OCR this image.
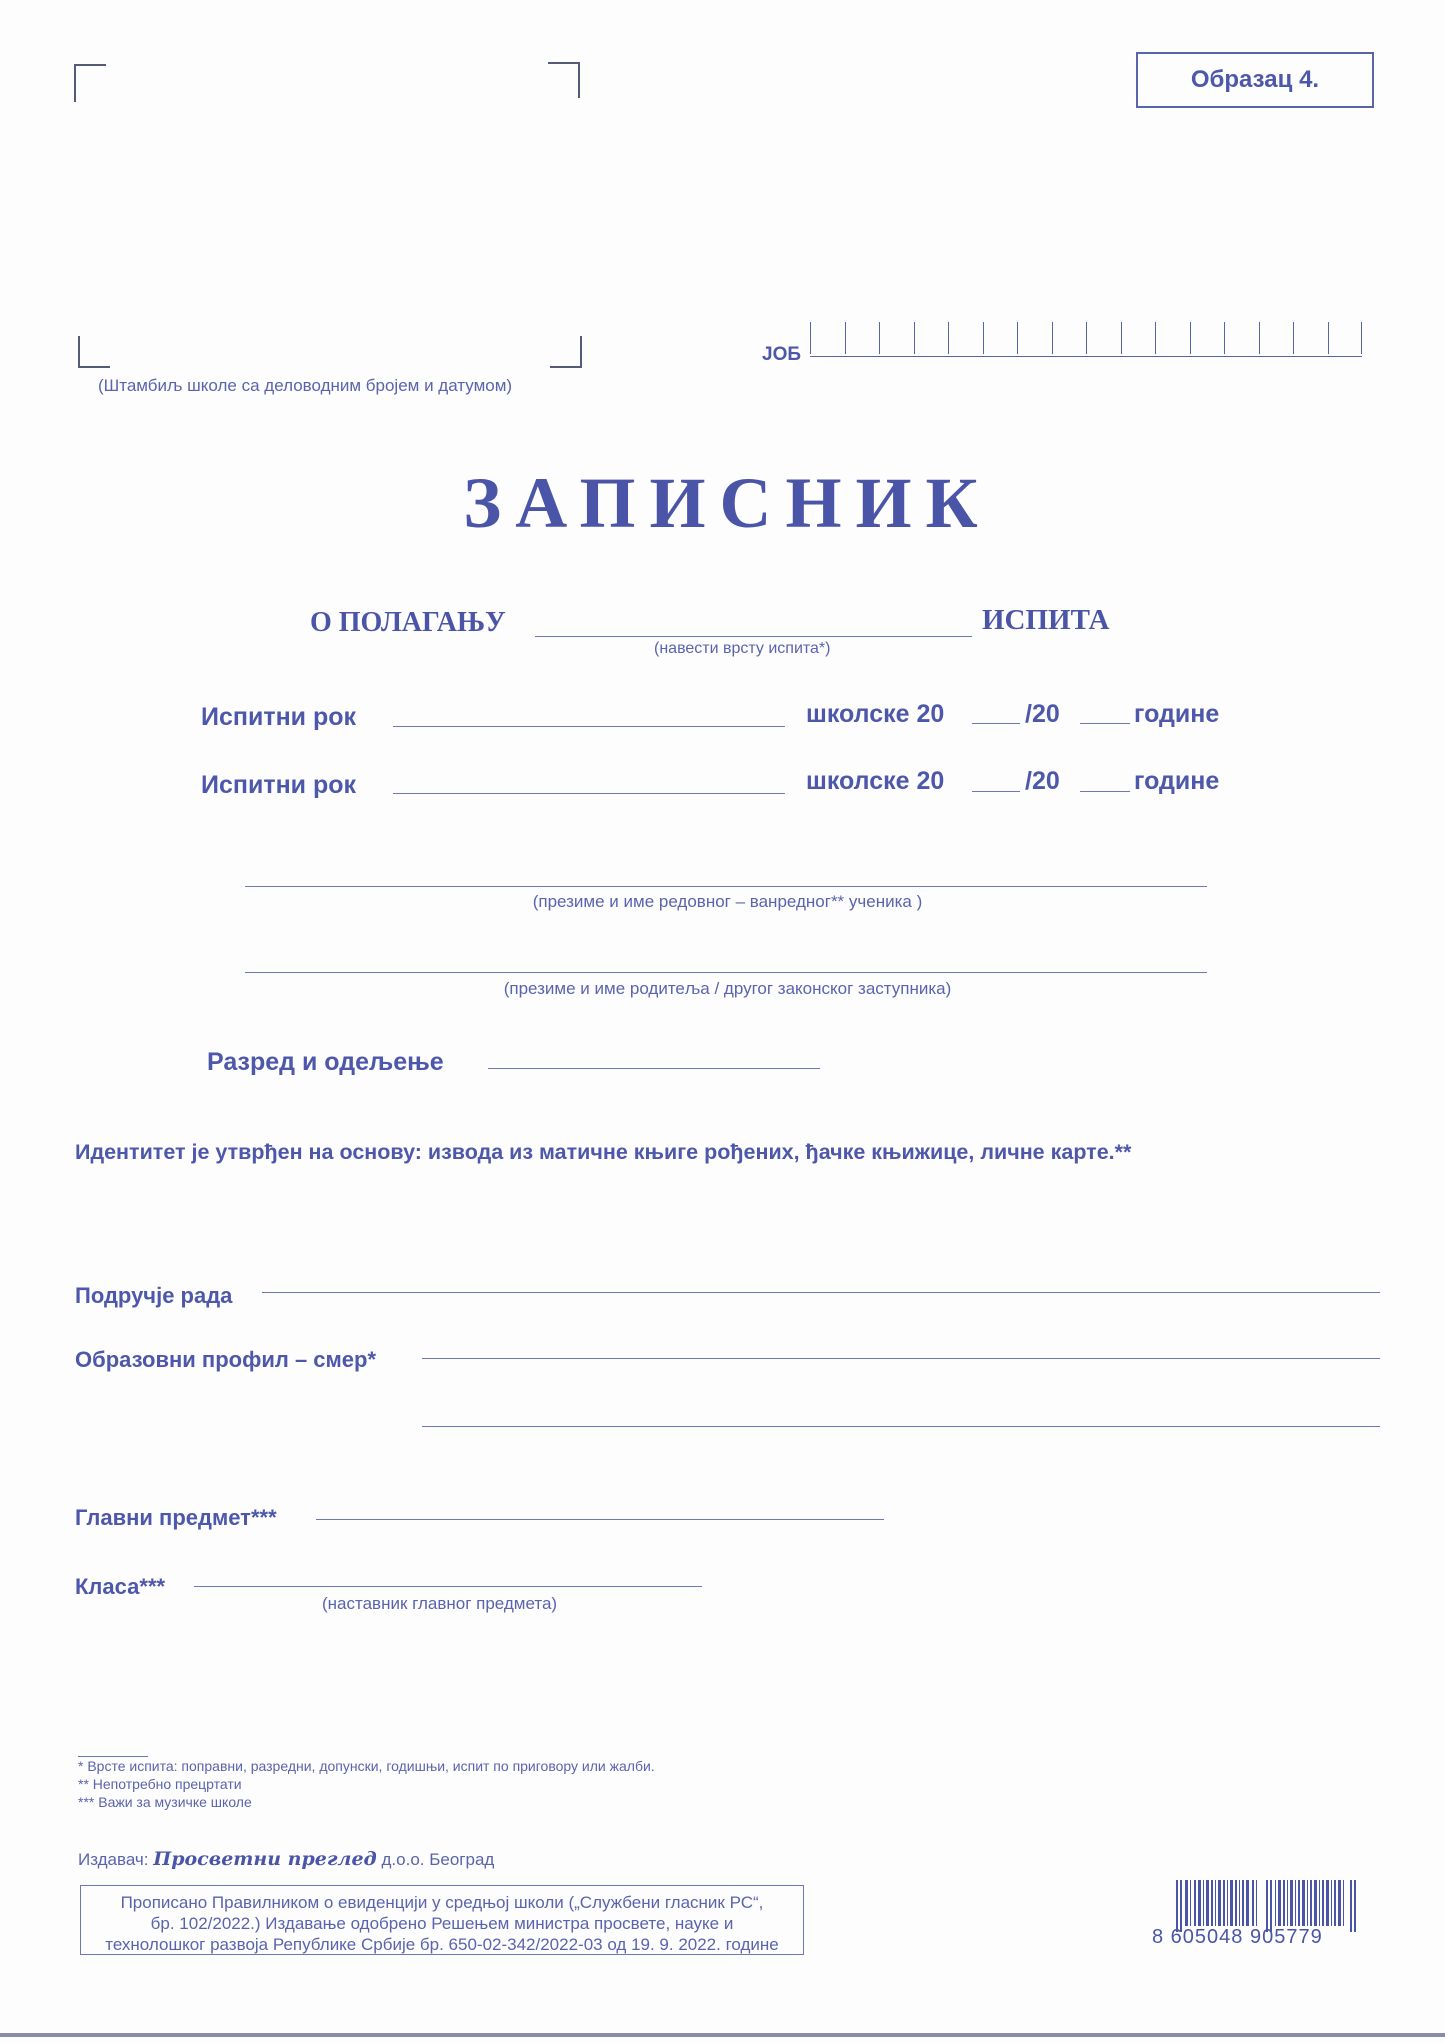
Образац 4.
(Штамбиљ школе са деловодним бројем и датумом)
ЈОБ
ЗАПИСНИК
О ПОЛАГАЊУ	ИСПИТА
(навести врсту испита*)
Испитни рок	школске 20	/20	године
Испитни рок	школске 20	/20	године
(презиме и име редовног – ванредног** ученика )
(презиме и име родитеља / другог законског заступника)
Разред и одељење
Идентитет је утврђен на основу: извода из матичне књиге рођених, ђачке књижице, личне карте.**
Подручје рада
Образовни профил – смер*
Главни предмет***
Класа***
(наставник главног предмета)
* Врсте испита: поправни, разредни, допунски, годишњи, испит по приговору или жалби.
** Непотребно прецртати
*** Важи за музичке школе
Издавач: Просветни преглед д.о.о. Београд
Прописано Правилником о евиденцији у средњој школи („Службени гласник РС“,
бр. 102/2022.) Издавање одобрено Решењем министра просвете, науке и
технолошког развоја Републике Србије бр. 650-02-342/2022-03 од 19. 9. 2022. године	8 605048 905779
